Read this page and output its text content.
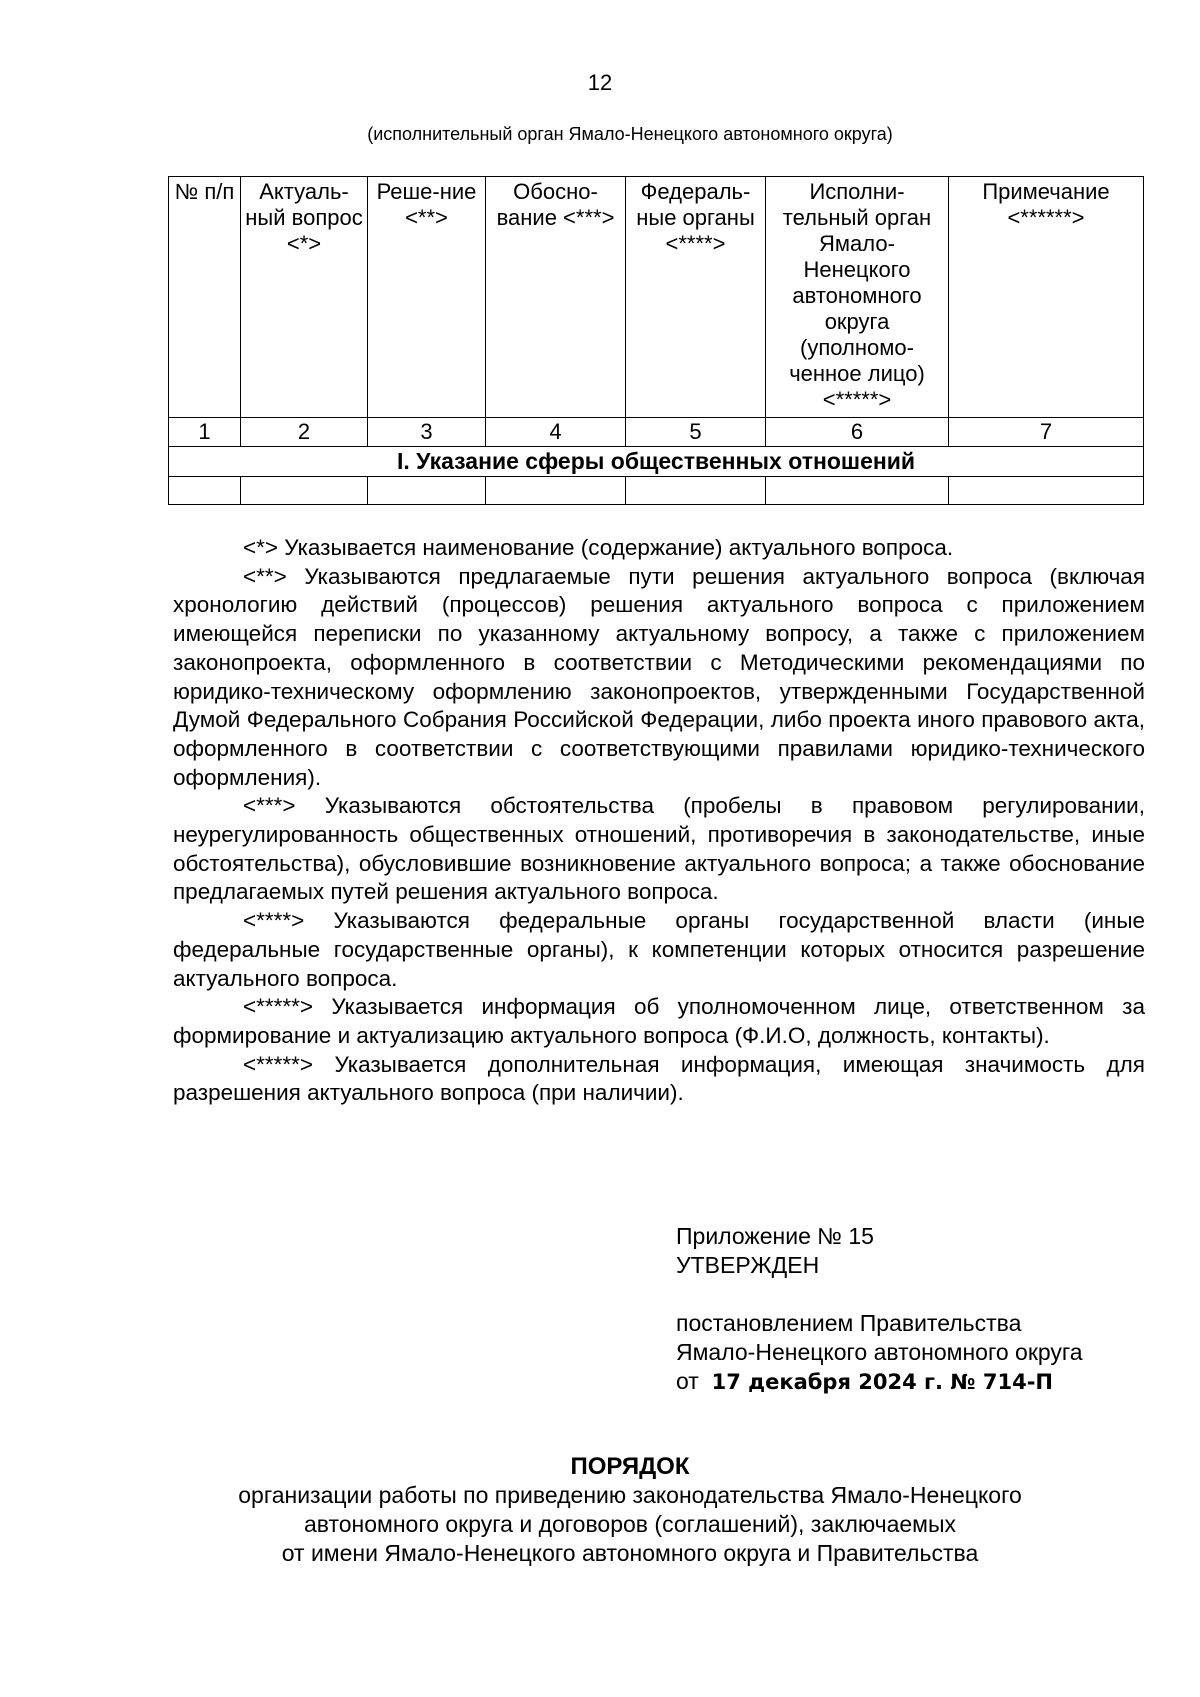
12
(исполнительный орган Ямало-Ненецкого автономного округа)
№ п/п	Актуаль-ный вопрос <*>	Реше-ние <**>	Обосно-вание <***>	Федераль-ные органы <****>	Исполни-тельный орган Ямало-Ненецкого автономного округа (уполномо-ченное лицо) <*****>	Примечание <******>
1	2	3	4	5	6	7
I. Указание сферы общественных отношений						

<*> Указывается наименование (содержание) актуального вопроса.

<**> Указываются предлагаемые пути решения актуального вопроса (включая хронологию действий (процессов) решения актуального вопроса с приложением имеющейся переписки по указанному актуальному вопросу, а также с приложением законопроекта, оформленного в соответствии с Методическими рекомендациями по юридико-техническому оформлению законопроектов, утвержденными Государственной Думой Федерального Собрания Российской Федерации, либо проекта иного правового акта, оформленного в соответствии с соответствующими правилами юридико-технического оформления).

<***> Указываются обстоятельства (пробелы в правовом регулировании, неурегулированность общественных отношений, противоречия в законодательстве, иные обстоятельства), обусловившие возникновение актуального вопроса; а также обоснование предлагаемых путей решения актуального вопроса.

<****> Указываются федеральные органы государственной власти (иные федеральные государственные органы), к компетенции которых относится разрешение актуального вопроса.

<*****> Указывается информация об уполномоченном лице, ответственном за формирование и актуализацию актуального вопроса (Ф.И.О, должность, контакты).

<*****> Указывается дополнительная информация, имеющая значимость для разрешения актуального вопроса (при наличии).

Приложение № 15

УТВЕРЖДЕН

постановлением Правительства

Ямало-Ненецкого автономного округа

от 17 декабря 2024 г. № 714-П

ПОРЯДОК

организации работы по приведению законодательства Ямало-Ненецкого

автономного округа и договоров (соглашений), заключаемых

от имени Ямало-Ненецкого автономного округа и Правительства
